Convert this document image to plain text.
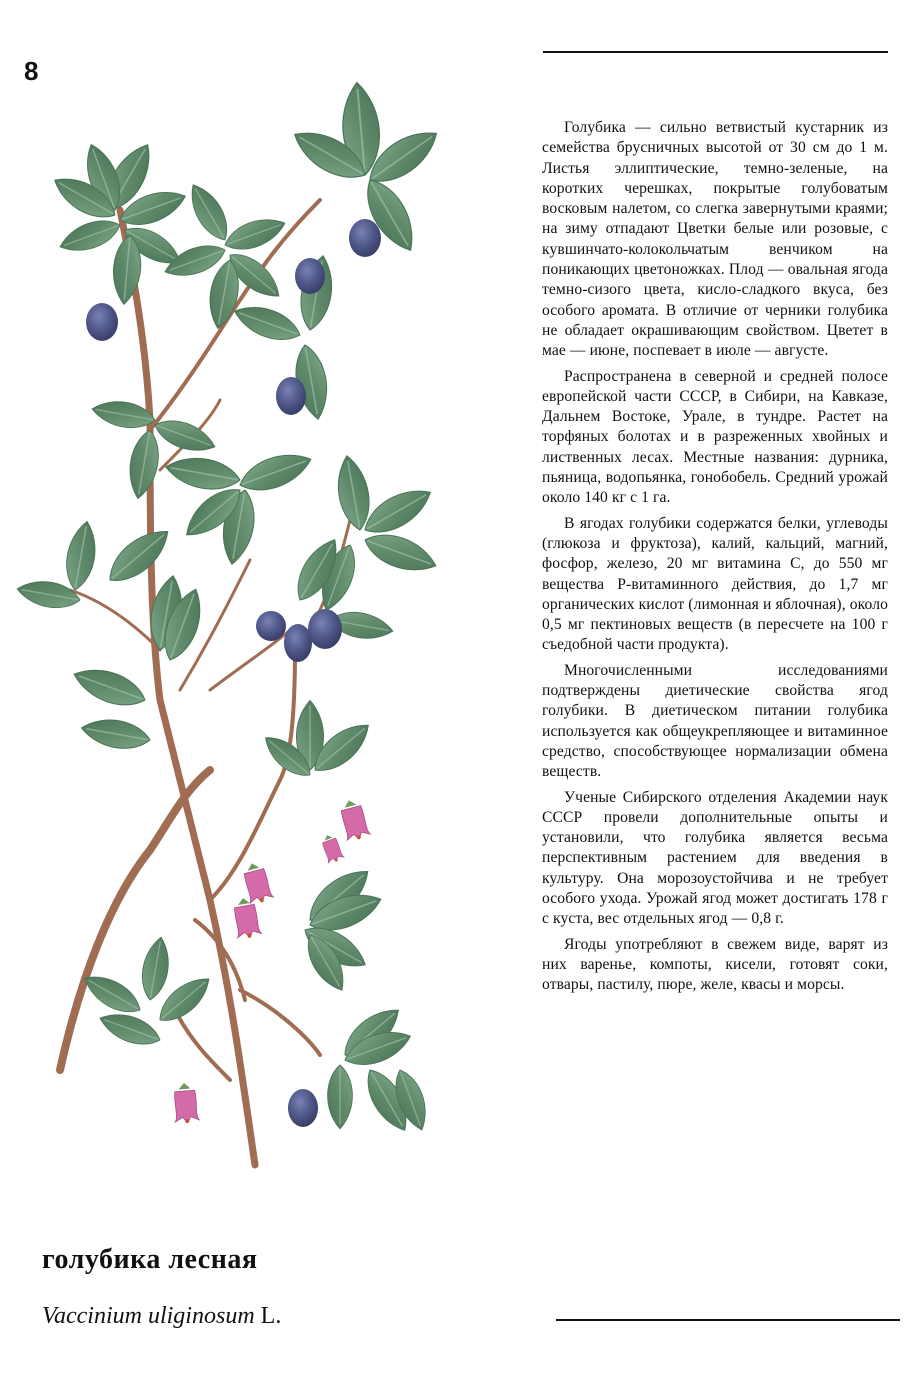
8

Голубика — сильно ветвистый кустарник из семейства брусничных высотой от 30 см до 1 м. Листья эллиптические, темно-зеленые, на коротких черешках, покрытые голубоватым восковым налетом, со слегка завернутыми краями; на зиму отпадают Цветки белые или розовые, с кувшинчато-колокольчатым венчиком на поникающих цветоножках. Плод — овальная ягода темно-сизого цвета, кисло-сладкого вкуса, без особого аромата. В отличие от черники голубика не обладает окрашивающим свойством. Цветет в мае — июне, поспевает в июле — августе.

Распространена в северной и средней полосе европейской части СССР, в Сибири, на Кавказе, Дальнем Востоке, Урале, в тундре. Растет на торфяных болотах и в разреженных хвойных и лиственных лесах. Местные названия: дурника, пьяница, водопьянка, гонобобель. Средний урожай около 140 кг с 1 га.

В ягодах голубики содержатся белки, углеводы (глюкоза и фруктоза), калий, кальций, магний, фосфор, железо, 20 мг витамина С, до 550 мг вещества Р-витаминного действия, до 1,7 мг органических кислот (лимонная и яблочная), около 0,5 мг пектиновых веществ (в пересчете на 100 г съедобной части продукта).

Многочисленными исследованиями подтверждены диетические свойства ягод голубики. В диетическом питании голубика используется как общеукрепляющее и витаминное средство, способствующее нормализации обмена веществ.

Ученые Сибирского отделения Академии наук СССР провели дополнительные опыты и установили, что голубика является весьма перспективным растением для введения в культуру. Она морозоустойчива и не требует особого ухода. Урожай ягод может достигать 178 г с куста, вес отдельных ягод — 0,8 г.

Ягоды употребляют в свежем виде, варят из них варенье, компоты, кисели, готовят соки, отвары, пастилу, пюре, желе, квасы и морсы.

голубика лесная
Vaccinium uliginosum L.
